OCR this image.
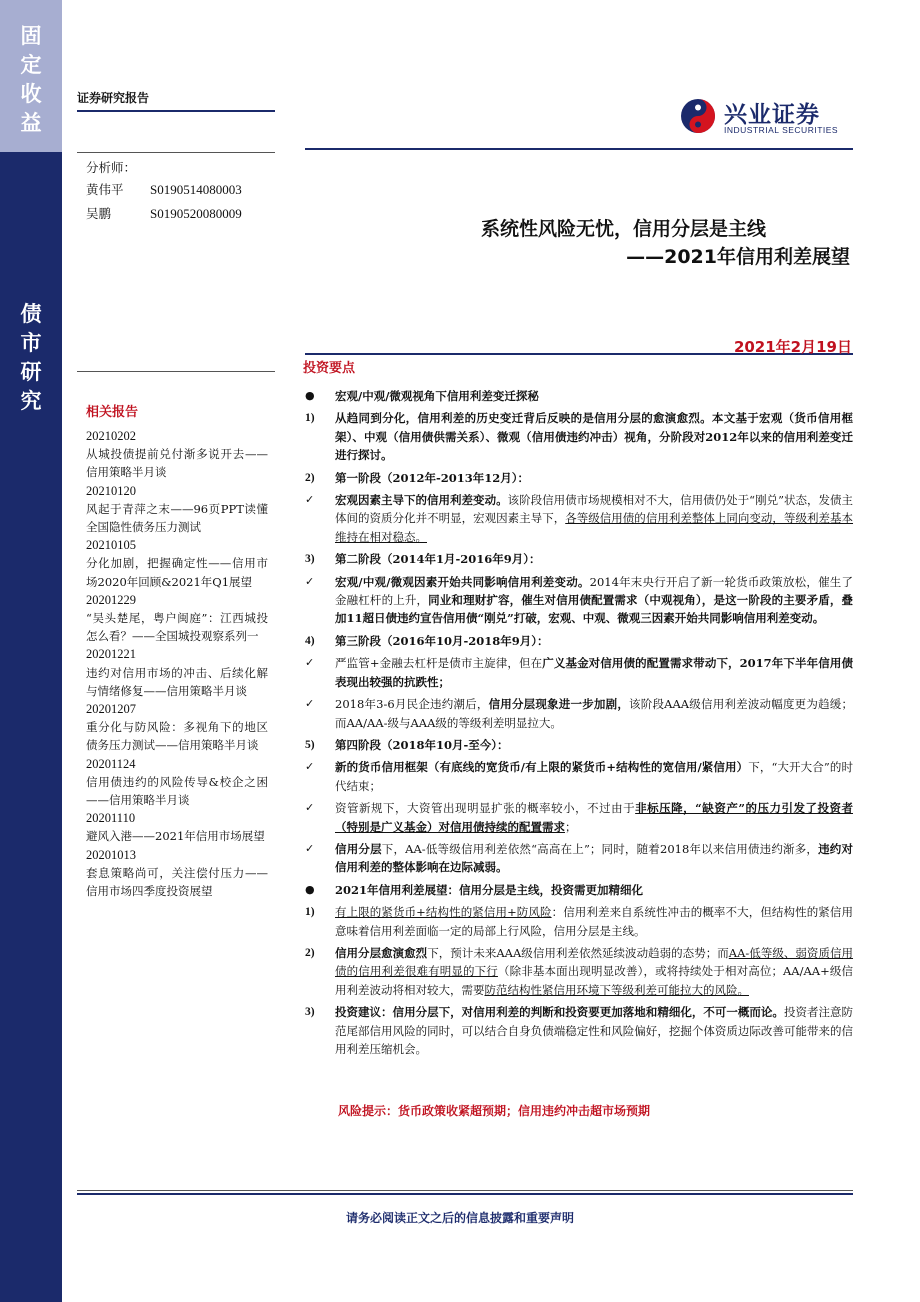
固
定
收
益
债
市
研
究
证券研究报告
兴业证券
INDUSTRIAL SECURITIES
分析师：
黄伟平 S0190514080003
吴鹏	S0190520080009
系统性风险无忧，信用分层是主线
——2021年信用利差展望
2021年2月19日
相关报告
20210202
从城投债提前兑付渐多说开去——信用策略半月谈
20210120
风起于青萍之末——96页PPT读懂全国隐性债务压力测试
20210105
分化加剧，把握确定性——信用市场2020年回顾&2021年Q1展望
20201229
“吴头楚尾，粤户闽庭”：江西城投怎么看？——全国城投观察系列一
20201221
违约对信用市场的冲击、后续化解与情绪修复——信用策略半月谈
20201207
重分化与防风险：多视角下的地区债务压力测试——信用策略半月谈
20201124
信用债违约的风险传导&校企之困——信用策略半月谈
20201110
避风入港——2021年信用市场展望
20201013
套息策略尚可，关注偿付压力——信用市场四季度投资展望
投资要点
●	宏观/中观/微观视角下信用利差变迁探秘
1)	从趋同到分化，信用利差的历史变迁背后反映的是信用分层的愈演愈烈。本文基于宏观（货币信用框架）、中观（信用债供需关系）、微观（信用债违约冲击）视角，分阶段对2012年以来的信用利差变迁进行探讨。
2)	第一阶段（2012年-2013年12月）：
✓	宏观因素主导下的信用利差变动。该阶段信用债市场规模相对不大，信用债仍处于“刚兑”状态，发债主体间的资质分化并不明显，宏观因素主导下，各等级信用债的信用利差整体上同向变动，等级利差基本维持在相对稳态。
3)	第二阶段（2014年1月-2016年9月）：
✓	宏观/中观/微观因素开始共同影响信用利差变动。2014年末央行开启了新一轮货币政策放松，催生了金融杠杆的上升，同业和理财扩容，催生对信用债配置需求（中观视角），是这一阶段的主要矛盾，叠加11超日债违约宣告信用债“刚兑”打破，宏观、中观、微观三因素开始共同影响信用利差变动。
4)	第三阶段（2016年10月-2018年9月）：
✓	严监管+金融去杠杆是债市主旋律，但在广义基金对信用债的配置需求带动下，2017年下半年信用债表现出较强的抗跌性；
✓	2018年3-6月民企违约潮后，信用分层现象进一步加剧，该阶段AAA级信用利差波动幅度更为趋缓；而AA/AA-级与AAA级的等级利差明显拉大。
5)	第四阶段（2018年10月-至今）：
✓	新的货币信用框架（有底线的宽货币/有上限的紧货币+结构性的宽信用/紧信用）下，“大开大合”的时代结束；
✓	资管新规下，大资管出现明显扩张的概率较小，不过由于非标压降，“缺资产”的压力引发了投资者（特别是广义基金）对信用债持续的配置需求；
✓	信用分层下，AA-低等级信用利差依然“高高在上”；同时，随着2018年以来信用债违约渐多，违约对信用利差的整体影响在边际减弱。
●	2021年信用利差展望：信用分层是主线，投资需更加精细化
1)	有上限的紧货币+结构性的紧信用+防风险：信用利差来自系统性冲击的概率不大，但结构性的紧信用意味着信用利差面临一定的局部上行风险，信用分层是主线。
2)	信用分层愈演愈烈下，预计未来AAA级信用利差依然延续波动趋弱的态势；而AA-低等级、弱资质信用债的信用利差很难有明显的下行（除非基本面出现明显改善），或将持续处于相对高位；AA/AA+级信用利差波动将相对较大，需要防范结构性紧信用环境下等级利差可能拉大的风险。
3)	投资建议：信用分层下，对信用利差的判断和投资要更加落地和精细化，不可一概而论。投资者注意防范尾部信用风险的同时，可以结合自身负债端稳定性和风险偏好，挖掘个体资质边际改善可能带来的信用利差压缩机会。
风险提示：货币政策收紧超预期；信用违约冲击超市场预期
请务必阅读正文之后的信息披露和重要声明
